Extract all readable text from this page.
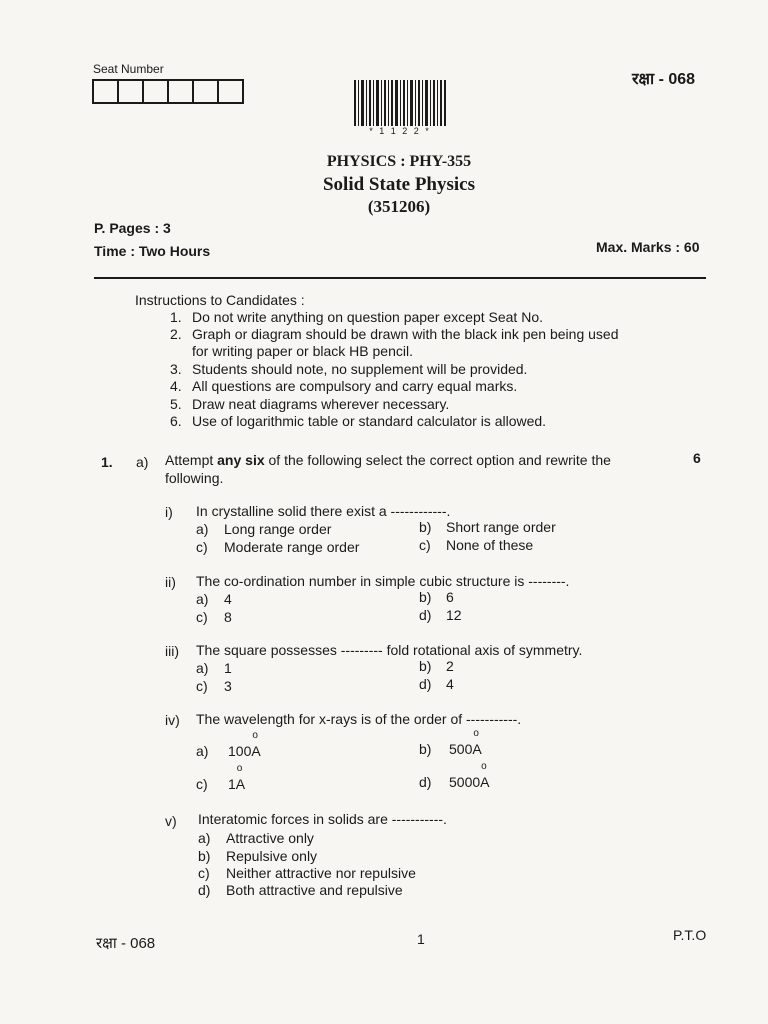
Seat Number
रक्षा - 068
* 1 1 2 2 *
PHYSICS : PHY-355
Solid State Physics
(351206)
P. Pages : 3
Time : Two Hours	Max. Marks : 60
Instructions to Candidates :
1. Do not write anything on question paper except Seat No.
2. Graph or diagram should be drawn with the black ink pen being used
for writing paper or black HB pencil.
3. Students should note, no supplement will be provided.
4. All questions are compulsory and carry equal marks.
5. Draw neat diagrams wherever necessary.
6. Use of logarithmic table or standard calculator is allowed.
1. a) Attempt any six of the following select the correct option and rewrite the
following.
6
i) In crystalline solid there exist a ------------.
a) Long range order	b) Short range order
c) Moderate range order	c) None of these
ii) The co-ordination number in simple cubic structure is --------.
a) 4	b) 6
c) 8	d) 12
iii) The square possesses --------- fold rotational axis of symmetry.
a) 1	b) 2
c) 3	d) 4
iv) The wavelength for x-rays is of the order of -----------.
a) 100o A	b) 500o A
c) 1o A	d) 5000o A
v) Interatomic forces in solids are -----------.
a) Attractive only
b) Repulsive only
c) Neither attractive nor repulsive
d) Both attractive and repulsive
रक्षा - 068	1	P.T.O
